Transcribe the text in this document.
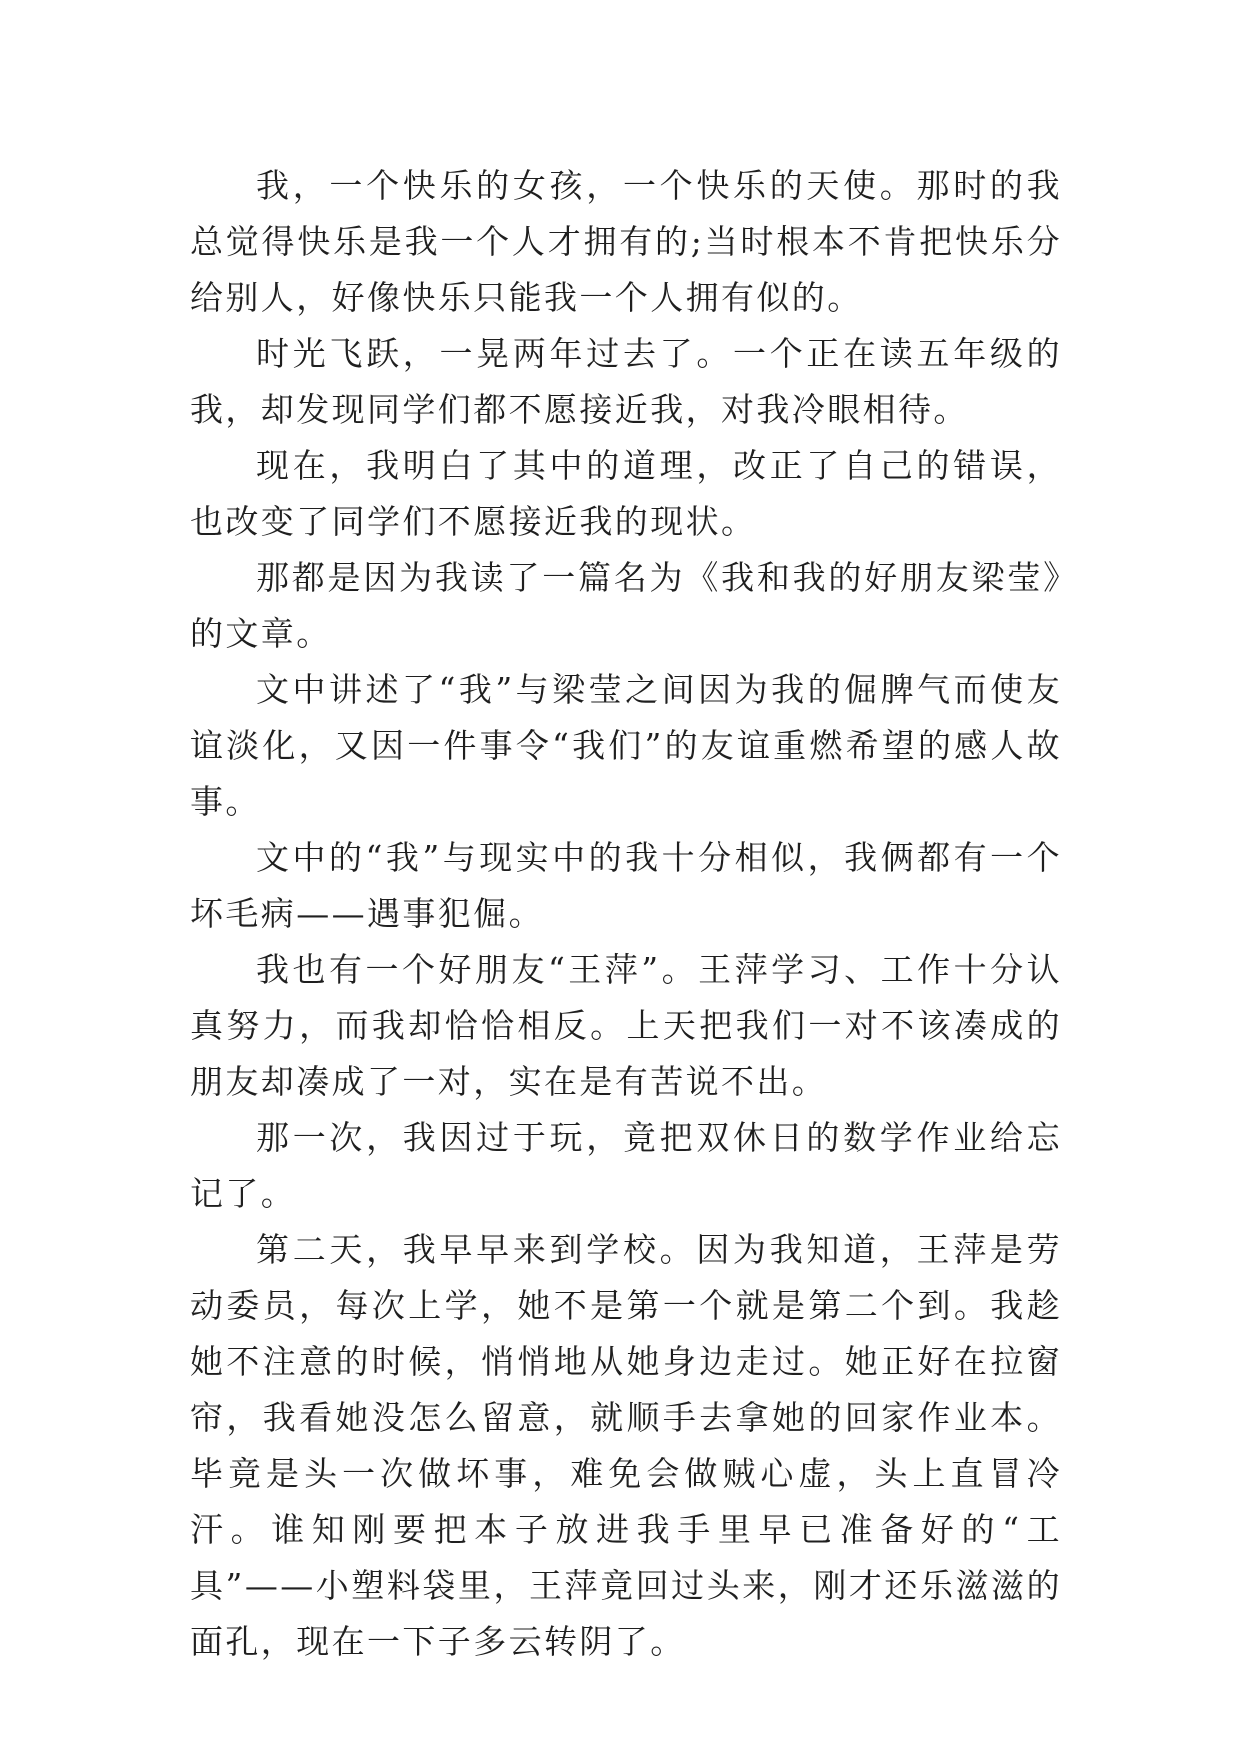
我，一个快乐的女孩，一个快乐的天使。那时的我总觉得快乐是我一个人才拥有的;当时根本不肯把快乐分给别人，好像快乐只能我一个人拥有似的。

时光飞跃，一晃两年过去了。一个正在读五年级的我，却发现同学们都不愿接近我，对我冷眼相待。

现在，我明白了其中的道理，改正了自己的错误，也改变了同学们不愿接近我的现状。

那都是因为我读了一篇名为《我和我的好朋友梁莹》的文章。

文中讲述了“我”与梁莹之间因为我的倔脾气而使友谊淡化，又因一件事令“我们”的友谊重燃希望的感人故事。

文中的“我”与现实中的我十分相似，我俩都有一个坏毛病——遇事犯倔。

我也有一个好朋友“王萍”。王萍学习、工作十分认真努力，而我却恰恰相反。上天把我们一对不该凑成的朋友却凑成了一对，实在是有苦说不出。

那一次，我因过于玩，竟把双休日的数学作业给忘记了。

第二天，我早早来到学校。因为我知道，王萍是劳动委员，每次上学，她不是第一个就是第二个到。我趁她不注意的时候，悄悄地从她身边走过。她正好在拉窗帘，我看她没怎么留意，就顺手去拿她的回家作业本。毕竟是头一次做坏事，难免会做贼心虚，头上直冒冷汗。谁知刚要把本子放进我手里早已准备好的“工具”——小塑料袋里，王萍竟回过头来，刚才还乐滋滋的面孔，现在一下子多云转阴了。
